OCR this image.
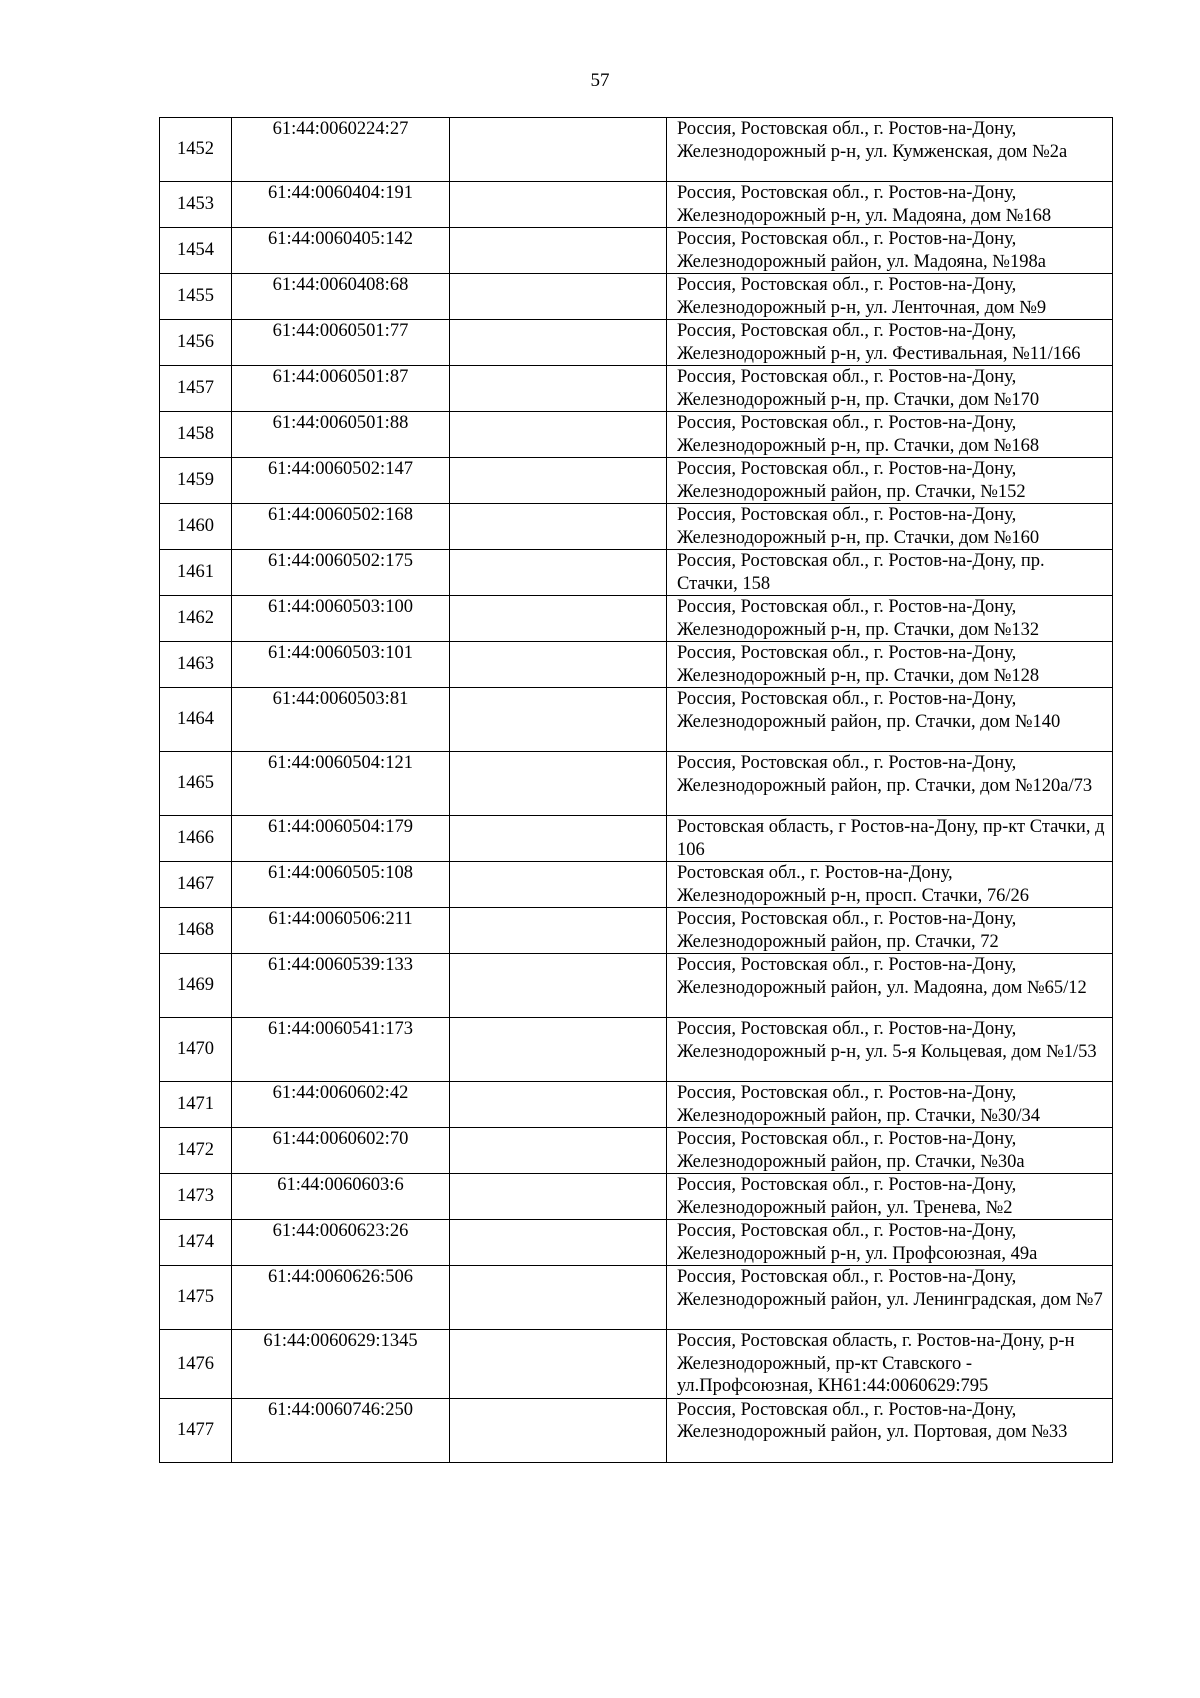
57
1452	61:44:0060224:27		Россия, Ростовская обл., г. Ростов-на-Дону, Железнодорожный р-н, ул. Кумженская, дом №2а
1453	61:44:0060404:191		Россия, Ростовская обл., г. Ростов-на-Дону, Железнодорожный р-н, ул. Мадояна, дом №168
1454	61:44:0060405:142		Россия, Ростовская обл., г. Ростов-на-Дону, Железнодорожный район, ул. Мадояна, №198а
1455	61:44:0060408:68		Россия, Ростовская обл., г. Ростов-на-Дону, Железнодорожный р-н, ул. Ленточная, дом №9
1456	61:44:0060501:77		Россия, Ростовская обл., г. Ростов-на-Дону, Железнодорожный р-н, ул. Фестивальная, №11/166
1457	61:44:0060501:87		Россия, Ростовская обл., г. Ростов-на-Дону, Железнодорожный р-н, пр. Стачки, дом №170
1458	61:44:0060501:88		Россия, Ростовская обл., г. Ростов-на-Дону, Железнодорожный р-н, пр. Стачки, дом №168
1459	61:44:0060502:147		Россия, Ростовская обл., г. Ростов-на-Дону, Железнодорожный район, пр. Стачки, №152
1460	61:44:0060502:168		Россия, Ростовская обл., г. Ростов-на-Дону, Железнодорожный р-н, пр. Стачки, дом №160
1461	61:44:0060502:175		Россия, Ростовская обл., г. Ростов-на-Дону, пр. Стачки, 158
1462	61:44:0060503:100		Россия, Ростовская обл., г. Ростов-на-Дону, Железнодорожный р-н, пр. Стачки, дом №132
1463	61:44:0060503:101		Россия, Ростовская обл., г. Ростов-на-Дону, Железнодорожный р-н, пр. Стачки, дом №128
1464	61:44:0060503:81		Россия, Ростовская обл., г. Ростов-на-Дону, Железнодорожный район, пр. Стачки, дом №140
1465	61:44:0060504:121		Россия, Ростовская обл., г. Ростов-на-Дону, Железнодорожный район, пр. Стачки, дом №120а/73
1466	61:44:0060504:179		Ростовская область, г Ростов-на-Дону, пр-кт Стачки, д 106
1467	61:44:0060505:108		Ростовская обл., г. Ростов-на-Дону, Железнодорожный р-н, просп. Стачки, 76/26
1468	61:44:0060506:211		Россия, Ростовская обл., г. Ростов-на-Дону, Железнодорожный район, пр. Стачки, 72
1469	61:44:0060539:133		Россия, Ростовская обл., г. Ростов-на-Дону, Железнодорожный район, ул. Мадояна, дом №65/12
1470	61:44:0060541:173		Россия, Ростовская обл., г. Ростов-на-Дону, Железнодорожный р-н, ул. 5-я Кольцевая, дом №1/53
1471	61:44:0060602:42		Россия, Ростовская обл., г. Ростов-на-Дону, Железнодорожный район, пр. Стачки, №30/34
1472	61:44:0060602:70		Россия, Ростовская обл., г. Ростов-на-Дону, Железнодорожный район, пр. Стачки, №30а
1473	61:44:0060603:6		Россия, Ростовская обл., г. Ростов-на-Дону, Железнодорожный район, ул. Тренева, №2
1474	61:44:0060623:26		Россия, Ростовская обл., г. Ростов-на-Дону, Железнодорожный р-н, ул. Профсоюзная, 49а
1475	61:44:0060626:506		Россия, Ростовская обл., г. Ростов-на-Дону, Железнодорожный район, ул. Ленинградская, дом №7
1476	61:44:0060629:1345		Россия, Ростовская область, г. Ростов-на-Дону, р-н Железнодорожный, пр-кт Ставского - ул.Профсоюзная, КН61:44:0060629:795
1477	61:44:0060746:250		Россия, Ростовская обл., г. Ростов-на-Дону, Железнодорожный район, ул. Портовая, дом №33
